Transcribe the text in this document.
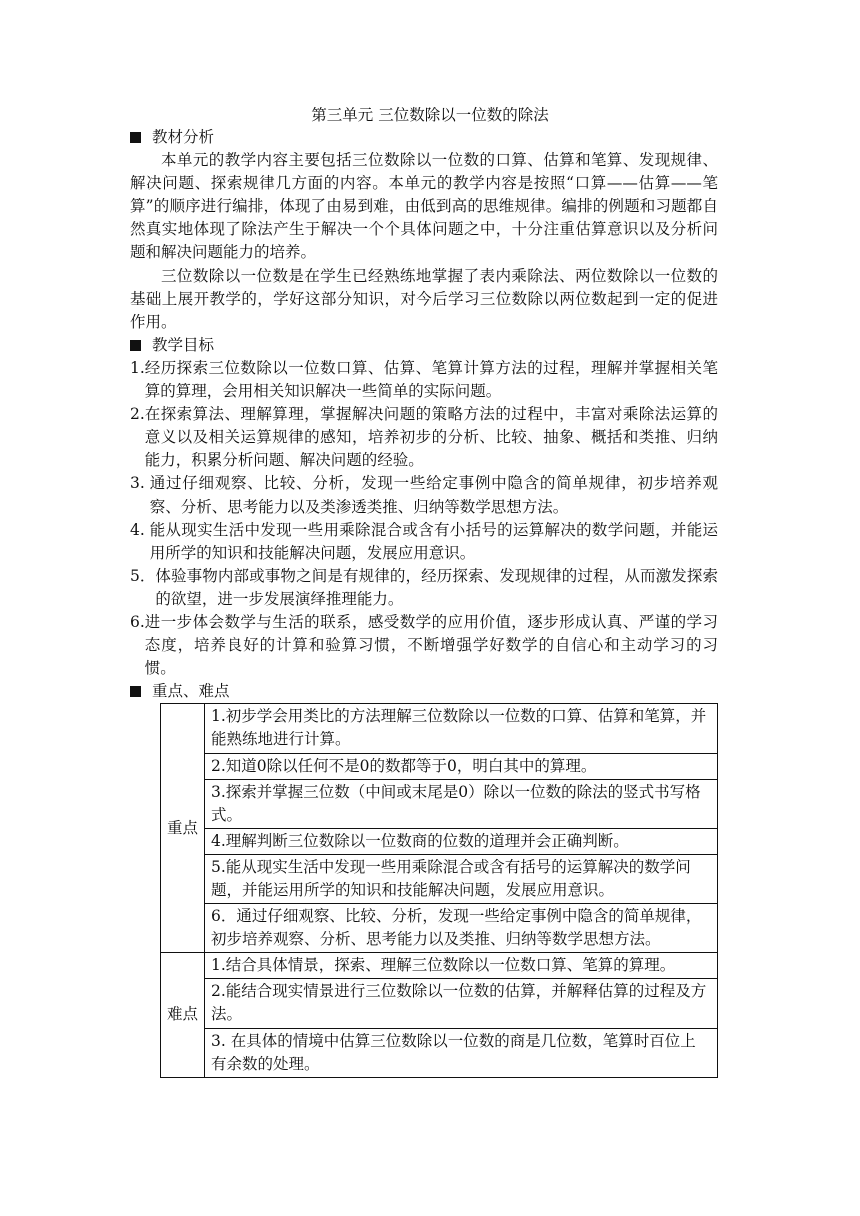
第三单元 三位数除以一位数的除法
教材分析

本单元的教学内容主要包括三位数除以一位数的口算、估算和笔算、发现规律、解决问题、探索规律几方面的内容。本单元的教学内容是按照“口算——估算——笔算”的顺序进行编排，体现了由易到难，由低到高的思维规律。编排的例题和习题都自然真实地体现了除法产生于解决一个个具体问题之中，十分注重估算意识以及分析问题和解决问题能力的培养。

三位数除以一位数是在学生已经熟练地掌握了表内乘除法、两位数除以一位数的基础上展开教学的，学好这部分知识，对今后学习三位数除以两位数起到一定的促进作用。

教学目标
1. 经历探索三位数除以一位数口算、估算、笔算计算方法的过程，理解并掌握相关笔算的算理，会用相关知识解决一些简单的实际问题。
2. 在探索算法、理解算理，掌握解决问题的策略方法的过程中，丰富对乘除法运算的意义以及相关运算规律的感知，培养初步的分析、比较、抽象、概括和类推、归纳能力，积累分析问题、解决问题的经验。
3. 通过仔细观察、比较、分析，发现一些给定事例中隐含的简单规律，初步培养观察、分析、思考能力以及类渗透类推、归纳等数学思想方法。
4. 能从现实生活中发现一些用乘除混合或含有小括号的运算解决的数学问题，并能运用所学的知识和技能解决问题，发展应用意识。
5． 体验事物内部或事物之间是有规律的，经历探索、发现规律的过程，从而激发探索的欲望，进一步发展演绎推理能力。
6. 进一步体会数学与生活的联系，感受数学的应用价值，逐步形成认真、严谨的学习态度，培养良好的计算和验算习惯，不断增强学好数学的自信心和主动学习的习惯。
重点、难点
重点	1.初步学会用类比的方法理解三位数除以一位数的口算、估算和笔算，并能熟练地进行计算。
	2.知道0除以任何不是0的数都等于0，明白其中的算理。
	3.探索并掌握三位数（中间或末尾是0）除以一位数的除法的竖式书写格式。
	4.理解判断三位数除以一位数商的位数的道理并会正确判断。
	5.能从现实生活中发现一些用乘除混合或含有括号的运算解决的数学问题，并能运用所学的知识和技能解决问题，发展应用意识。
	6．通过仔细观察、比较、分析，发现一些给定事例中隐含的简单规律，初步培养观察、分析、思考能力以及类推、归纳等数学思想方法。
难点	1.结合具体情景，探索、理解三位数除以一位数口算、笔算的算理。
	2.能结合现实情景进行三位数除以一位数的估算，并解释估算的过程及方法。
	3. 在具体的情境中估算三位数除以一位数的商是几位数，笔算时百位上有余数的处理。
